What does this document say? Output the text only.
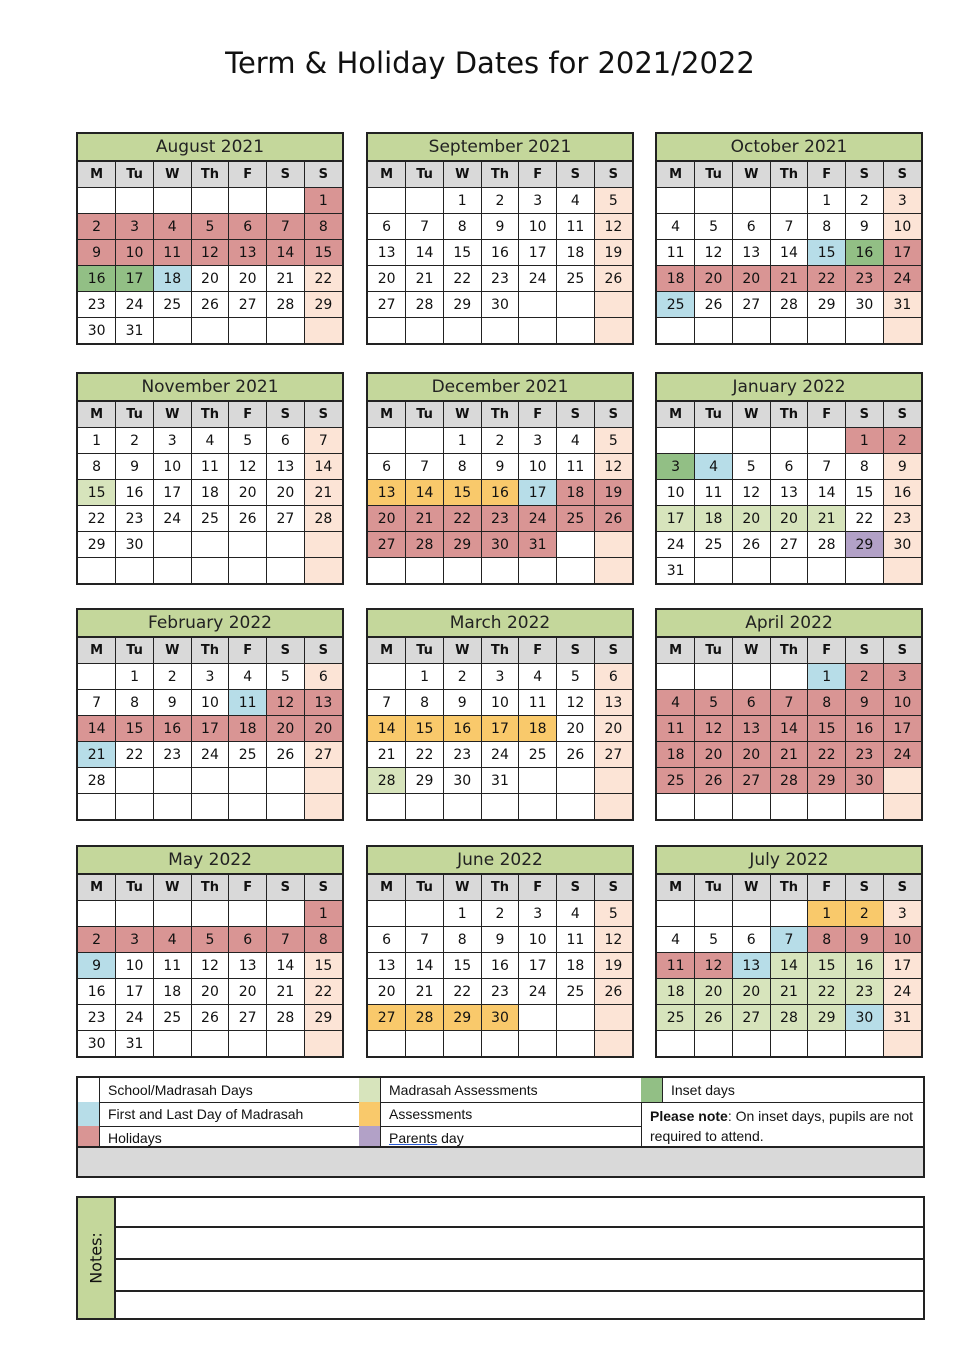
Term & Holiday Dates for 2021/2022
August 2021
M	Tu	W	Th	F	S	S
						1
2	3	4	5	6	7	8
9	10	11	12	13	14	15
16	17	18	20	20	21	22
23	24	25	26	27	28	29
30	31					
September 2021
M	Tu	W	Th	F	S	S
		1	2	3	4	5
6	7	8	9	10	11	12
13	14	15	16	17	18	19
20	21	22	23	24	25	26
27	28	29	30			

October 2021
M	Tu	W	Th	F	S	S
				1	2	3
4	5	6	7	8	9	10
11	12	13	14	15	16	17
18	20	20	21	22	23	24
25	26	27	28	29	30	31

November 2021
M	Tu	W	Th	F	S	S
1	2	3	4	5	6	7
8	9	10	11	12	13	14
15	16	17	18	20	20	21
22	23	24	25	26	27	28
29	30					

December 2021
M	Tu	W	Th	F	S	S
		1	2	3	4	5
6	7	8	9	10	11	12
13	14	15	16	17	18	19
20	21	22	23	24	25	26
27	28	29	30	31		

January 2022
M	Tu	W	Th	F	S	S
					1	2
3	4	5	6	7	8	9
10	11	12	13	14	15	16
17	18	20	20	21	22	23
24	25	26	27	28	29	30
31						
February 2022
M	Tu	W	Th	F	S	S
	1	2	3	4	5	6
7	8	9	10	11	12	13
14	15	16	17	18	20	20
21	22	23	24	25	26	27
28						

March 2022
M	Tu	W	Th	F	S	S
	1	2	3	4	5	6
7	8	9	10	11	12	13
14	15	16	17	18	20	20
21	22	23	24	25	26	27
28	29	30	31			

April 2022
M	Tu	W	Th	F	S	S
				1	2	3
4	5	6	7	8	9	10
11	12	13	14	15	16	17
18	20	20	21	22	23	24
25	26	27	28	29	30	

May 2022
M	Tu	W	Th	F	S	S
						1
2	3	4	5	6	7	8
9	10	11	12	13	14	15
16	17	18	20	20	21	22
23	24	25	26	27	28	29
30	31					
June 2022
M	Tu	W	Th	F	S	S
		1	2	3	4	5
6	7	8	9	10	11	12
13	14	15	16	17	18	19
20	21	22	23	24	25	26
27	28	29	30			

July 2022
M	Tu	W	Th	F	S	S
				1	2	3
4	5	6	7	8	9	10
11	12	13	14	15	16	17
18	20	20	21	22	23	24
25	26	27	28	29	30	31

School/Madrasah Days
First and Last Day of Madrasah
Holidays
Madrasah Assessments
Assessments
Parents day
Inset days
Please note: On inset days, pupils are not required to attend.
Notes:
